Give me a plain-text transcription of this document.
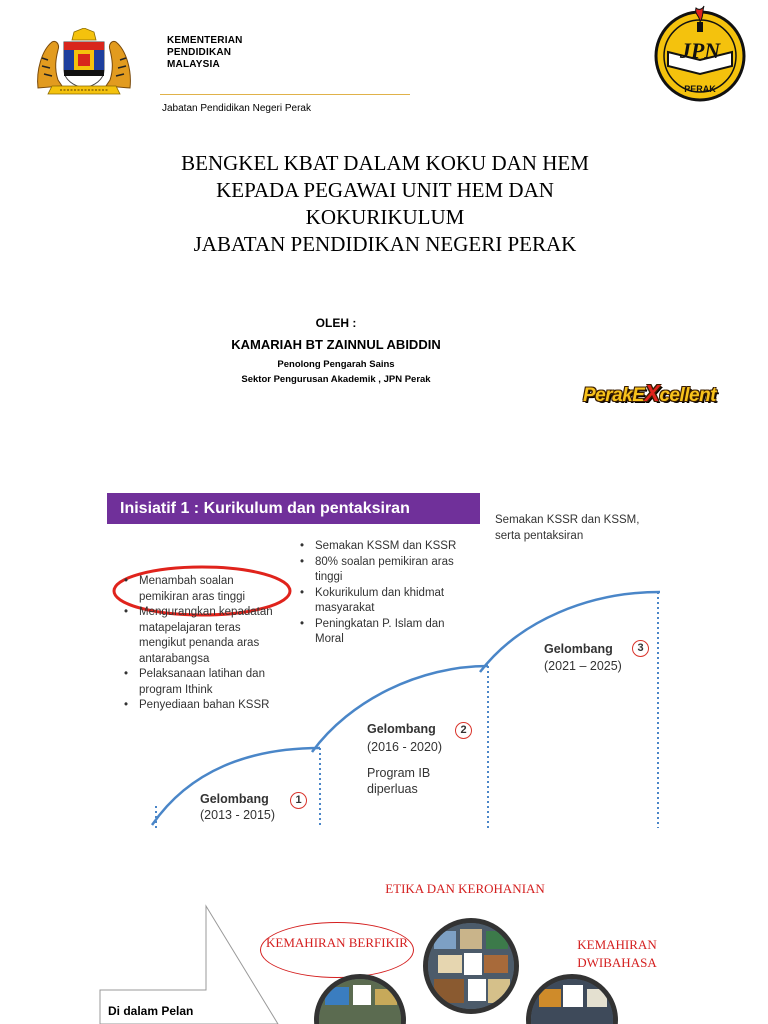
KEMENTERIAN
PENDIDIKAN
MALAYSIA
Jabatan Pendidikan Negeri Perak
JPN
PERAK
BENGKEL KBAT DALAM KOKU DAN HEM
KEPADA PEGAWAI UNIT HEM DAN
KOKURIKULUM
JABATAN PENDIDIKAN NEGERI PERAK
OLEH :
KAMARIAH BT ZAINNUL ABIDDIN
Penolong Pengarah Sains
Sektor Pengurusan Akademik , JPN Perak
PerakEXcellent
Inisiatif 1 : Kurikulum dan pentaksiran
Semakan KSSR dan KSSM, serta pentaksiran
• Menambah soalan pemikiran aras tinggi
• Mengurangkan kepadatan matapelajaran teras mengikut penanda aras antarabangsa
• Pelaksanaan latihan dan program Ithink
• Penyediaan bahan KSSR
• Semakan KSSM dan KSSR
• 80% soalan pemikiran aras tinggi
• Kokurikulum dan khidmat masyarakat
• Peningkatan P. Islam dan Moral
Gelombang	1
(2013 - 2015)
Gelombang	2
(2016 - 2020)
Program IB diperluas
Gelombang	3
(2021 – 2025)
Di dalam Pelan
ETIKA DAN KEROHANIAN
KEMAHIRAN BERFIKIR	KEMAHIRAN DWIBAHASA
